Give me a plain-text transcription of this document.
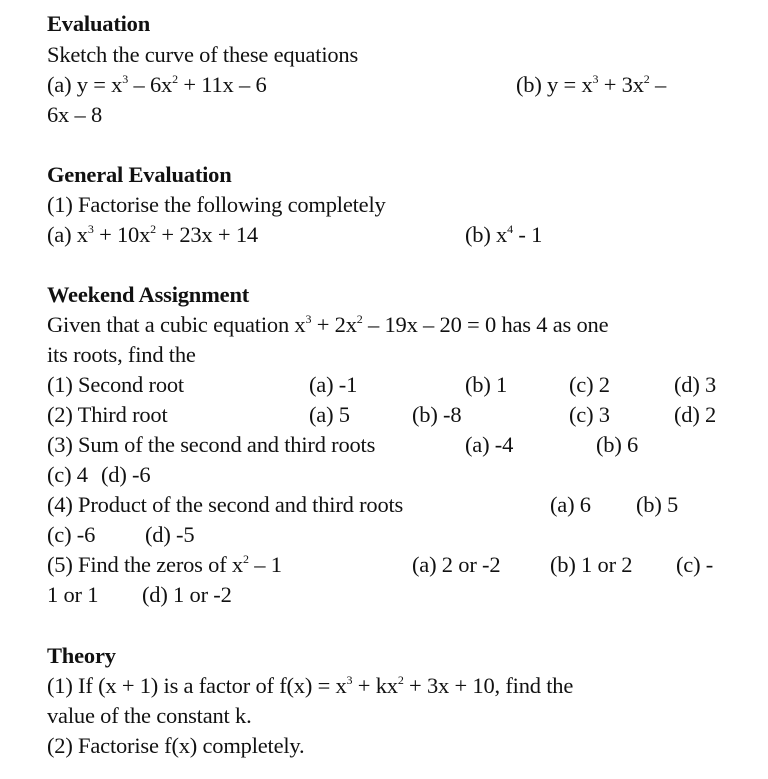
Evaluation
Sketch the curve of these equations
(a) $y = x^3 - 6x^2 + 11x - 6$	(b) $y = x^3 + 3x^2$ –
6x – 8
General Evaluation
(1) Factorise the following completely
(a) $x^3 + 10x^2 + 23x + 14$	(b) $x^4 - 1$
Weekend Assignment
Given that a cubic equation $x^3 + 2x^2 - 19x - 20 = 0$ has 4 as one
its roots, find the
(1) Second root	(a) -1	(b) 1	(c) 2	(d) 3
(2) Third root	(a) 5	(b) -8	(c) 3	(d) 2
(3) Sum of the second and third roots	(a) -4	(b) 6
(c) 4 (d) -6
(4) Product of the second and third roots	(a) 6 (b) 5
(c) -6 (d) -5
(5) Find the zeros of $x^2 - 1$	(a) 2 or -2 (b) 1 or 2 (c) -
1 or 1 (d) 1 or -2
Theory
(1) If (x + 1) is a factor of $f(x) = x^3 + kx^2 + 3x + 10$, find the
value of the constant k.
(2) Factorise f(x) completely.
